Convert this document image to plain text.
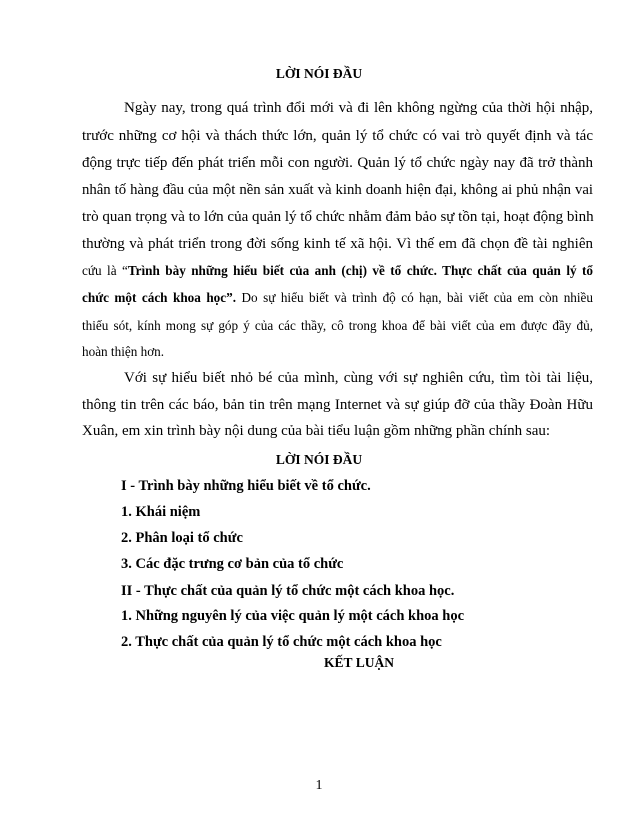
LỜI NÓI ĐẦU
Ngày nay, trong quá trình đổi mới và đi lên không ngừng của thời hội nhập,
trước những cơ hội và thách thức lớn, quản lý tổ chức có vai trò quyết định và tác
động trực tiếp đến phát triển mỗi con người. Quản lý tổ chức ngày nay đã trở thành
nhân tố hàng đầu của một nền sản xuất và kinh doanh hiện đại, không ai phủ nhận vai
trò quan trọng và to lớn của quản lý tổ chức nhằm đảm bảo sự tồn tại, hoạt động bình
thường và phát triển trong đời sống kinh tế xã hội. Vì thế em đã chọn đề tài nghiên
cứu là “Trình bày những hiểu biết của anh (chị) về tổ chức. Thực chất của quản lý tổ
chức một cách khoa học”. Do sự hiểu biết và trình độ có hạn, bài viết của em còn nhiều
thiếu sót, kính mong sự góp ý của các thầy, cô trong khoa để bài viết của em được đầy đủ,
hoàn thiện hơn.
Với sự hiểu biết nhỏ bé của mình, cùng với sự nghiên cứu, tìm tòi tài liệu,
thông tin trên các báo, bản tin trên mạng Internet và sự giúp đỡ của thầy Đoàn Hữu
Xuân, em xin trình bày nội dung của bài tiểu luận gồm những phần chính sau:
LỜI NÓI ĐẦU
I - Trình bày những hiểu biết về tổ chức.
1. Khái niệm
2. Phân loại tổ chức
3. Các đặc trưng cơ bản của tổ chức
II - Thực chất của quản lý tổ chức một cách khoa học.
1. Những nguyên lý của việc quản lý một cách khoa học
2. Thực chất của quản lý tổ chức một cách khoa học
KẾT LUẬN
1
